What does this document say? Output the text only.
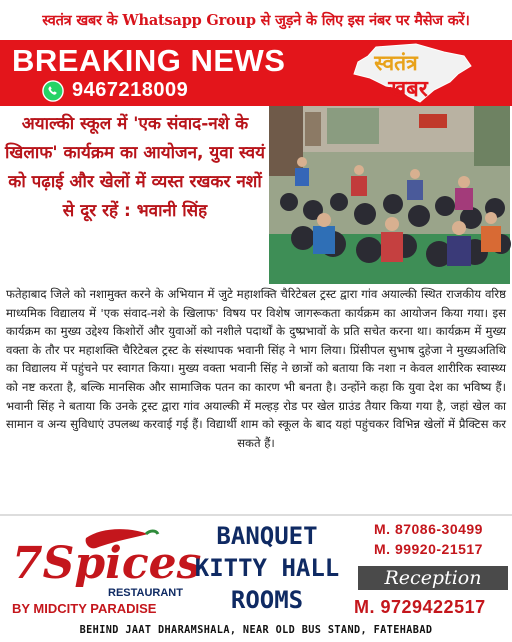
स्वतंत्र खबर के Whatsapp Group से जुड़ने के लिए इस नंबर पर मैसेज करें।
BREAKING NEWS
9467218009
स्वतंत्र
खबर
अयाल्की स्कूल में 'एक संवाद-नशे के खिलाफ' कार्यक्रम का आयोजन, युवा स्वयं को पढ़ाई और खेलों में व्यस्त रखकर नशों से दूर रहें : भवानी सिंह
फतेहाबाद जिले को नशामुक्त करने के अभियान में जुटे महाशक्ति चैरिटेबल ट्रस्ट द्वारा गांव अयाल्की स्थित राजकीय वरिष्ठ माध्यमिक विद्यालय में 'एक संवाद-नशे के खिलाफ' विषय पर विशेष जागरूकता कार्यक्रम का आयोजन किया गया। इस कार्यक्रम का मुख्य उद्देश्य किशोरों और युवाओं को नशीले पदार्थों के दुष्प्रभावों के प्रति सचेत करना था। कार्यक्रम में मुख्य वक्ता के तौर पर महाशक्ति चैरिटेबल ट्रस्ट के संस्थापक भवानी सिंह ने भाग लिया। प्रिंसीपल सुभाष दुहेजा ने मुख्यअतिथि का विद्यालय में पहुंचने पर स्वागत किया। मुख्य वक्ता भवानी सिंह ने छात्रों को बताया कि नशा न केवल शारीरिक स्वास्थ्य को नष्ट करता है, बल्कि मानसिक और सामाजिक पतन का कारण भी बनता है। उन्होंने कहा कि युवा देश का भविष्य हैं। भवानी सिंह ने बताया कि उनके ट्रस्ट द्वारा गांव अयाल्की में मल्हड़ रोड पर खेल ग्राउंड तैयार किया गया है, जहां खेल का सामान व अन्य सुविधाएं उपलब्ध करवाई गई हैं। विद्यार्थी शाम को स्कूल के बाद यहां पहुंचकर विभिन्न खेलों में प्रैक्टिस कर सकते हैं।
7Spices
RESTAURANT
BY MIDCITY PARADISE
BANQUET
KITTY HALL
ROOMS
M. 87086-30499
M. 99920-21517
Reception
M. 9729422517
BEHIND JAAT DHARAMSHALA, NEAR OLD BUS STAND, FATEHABAD
